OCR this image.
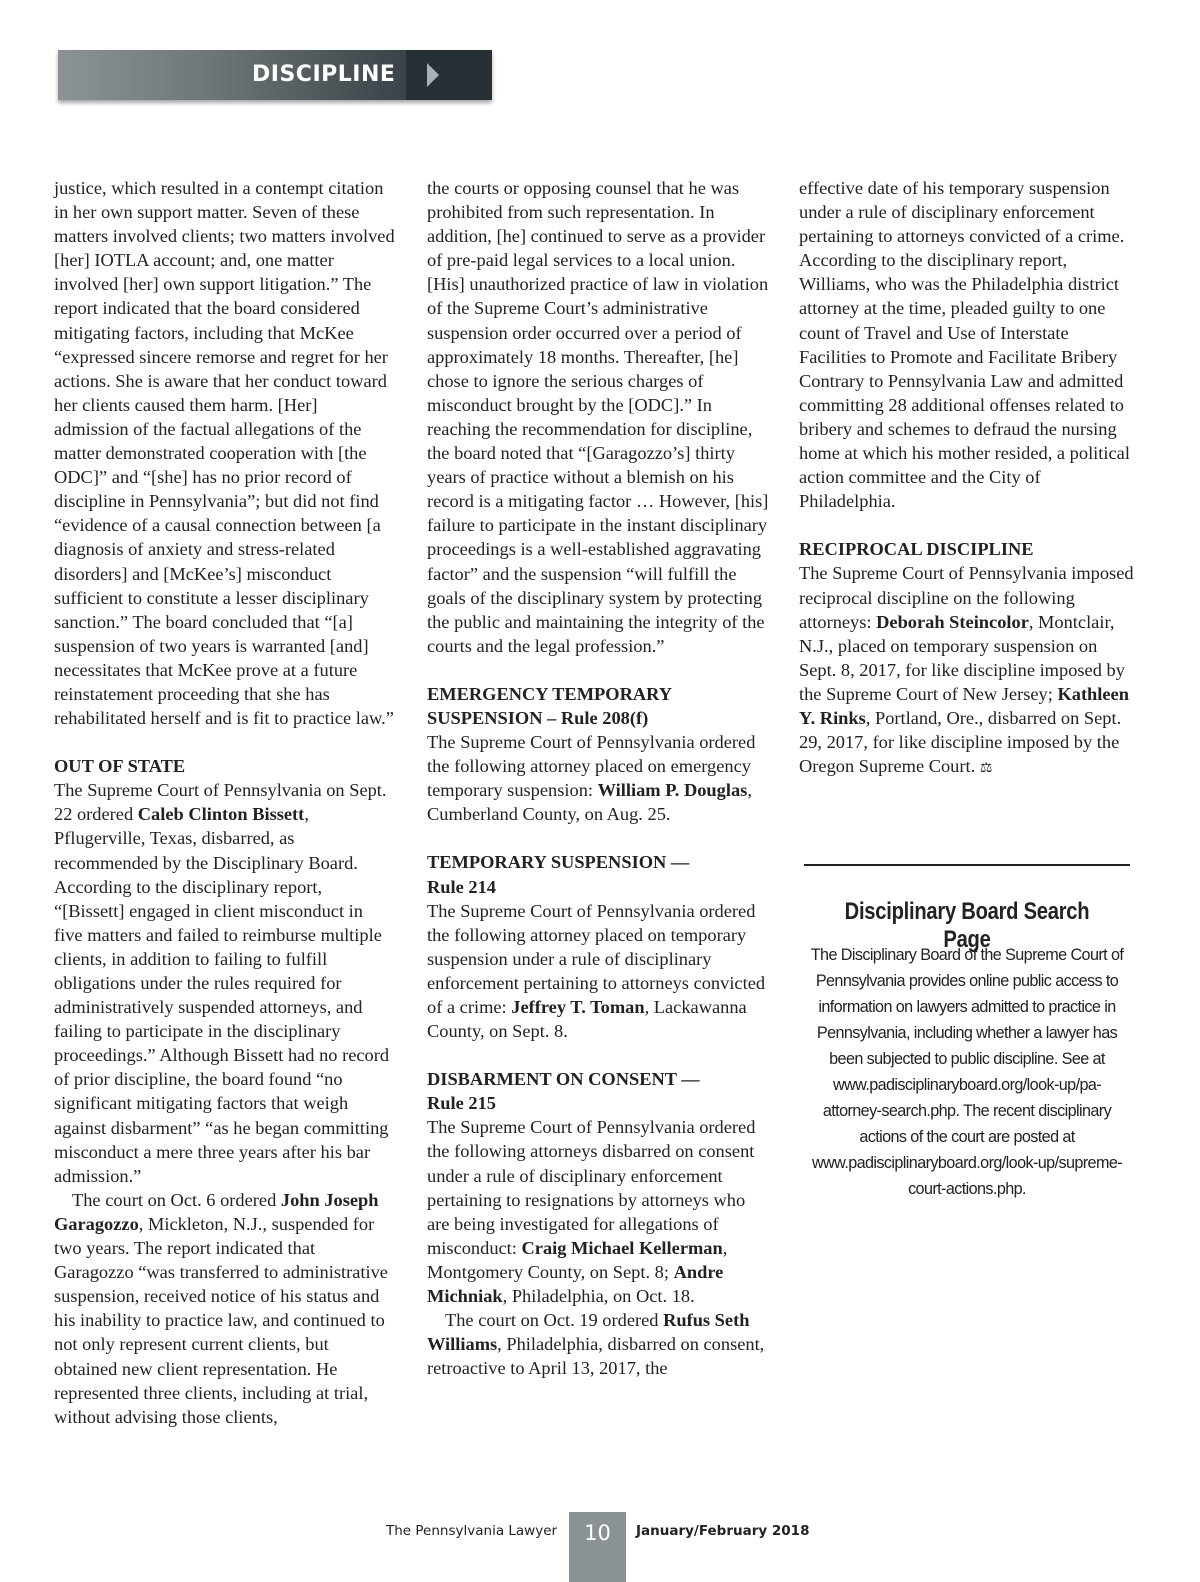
DISCIPLINE

justice, which resulted in a contempt citation in her own support matter. Seven of these matters involved clients; two matters involved [her] IOTLA account; and, one matter involved [her] own support litigation.” The report indicated that the board considered mitigating factors, including that McKee “expressed sincere remorse and regret for her actions. She is aware that her conduct toward her clients caused them harm. [Her] admission of the factual allegations of the matter demonstrated cooperation with [the ODC]” and “[she] has no prior record of discipline in Pennsylvania”; but did not find “evidence of a causal connection between [a diagnosis of anxiety and stress-related disorders] and [McKee’s] misconduct sufficient to constitute a lesser disciplinary sanction.” The board concluded that “[a] suspension of two years is warranted [and] necessitates that McKee prove at a future reinstatement proceeding that she has rehabilitated herself and is fit to practice law.”

OUT OF STATE

The Supreme Court of Pennsylvania on Sept. 22 ordered Caleb Clinton Bissett, Pflugerville, Texas, disbarred, as recommended by the Disciplinary Board. According to the disciplinary report, “[Bissett] engaged in client misconduct in five matters and failed to reimburse multiple clients, in addition to failing to fulfill obligations under the rules required for administratively suspended attorneys, and failing to participate in the disciplinary proceedings.” Although Bissett had no record of prior discipline, the board found “no significant mitigating factors that weigh against disbarment” “as he began committing misconduct a mere three years after his bar admission.”

The court on Oct. 6 ordered John Joseph Garagozzo, Mickleton, N.J., suspended for two years. The report indicated that Garagozzo “was transferred to administrative suspension, received notice of his status and his inability to practice law, and continued to not only represent current clients, but obtained new client representation. He represented three clients, including at trial, without advising those clients,

the courts or opposing counsel that he was prohibited from such representation. In addition, [he] continued to serve as a provider of pre-paid legal services to a local union. [His] unauthorized practice of law in violation of the Supreme Court’s administrative suspension order occurred over a period of approximately 18 months. Thereafter, [he] chose to ignore the serious charges of misconduct brought by the [ODC].” In reaching the recommendation for discipline, the board noted that “[Garagozzo’s] thirty years of practice without a blemish on his record is a mitigating factor … However, [his] failure to participate in the instant disciplinary proceedings is a well-established aggravating factor” and the suspension “will fulfill the goals of the disciplinary system by protecting the public and maintaining the integrity of the courts and the legal profession.”

EMERGENCY TEMPORARY
SUSPENSION – Rule 208(f)

The Supreme Court of Pennsylvania ordered the following attorney placed on emergency temporary suspension: William P. Douglas, Cumberland County, on Aug. 25.

TEMPORARY SUSPENSION —
Rule 214

The Supreme Court of Pennsylvania ordered the following attorney placed on temporary suspension under a rule of disciplinary enforcement pertaining to attorneys convicted of a crime: Jeffrey T. Toman, Lackawanna County, on Sept. 8.

DISBARMENT ON CONSENT —
Rule 215

The Supreme Court of Pennsylvania ordered the following attorneys disbarred on consent under a rule of disciplinary enforcement pertaining to resignations by attorneys who are being investigated for allegations of misconduct: Craig Michael Kellerman, Montgomery County, on Sept. 8; Andre Michniak, Philadelphia, on Oct. 18.

The court on Oct. 19 ordered Rufus Seth Williams, Philadelphia, disbarred on consent, retroactive to April 13, 2017, the

effective date of his temporary suspension under a rule of disciplinary enforcement pertaining to attorneys convicted of a crime. According to the disciplinary report, Williams, who was the Philadelphia district attorney at the time, pleaded guilty to one count of Travel and Use of Interstate Facilities to Promote and Facilitate Bribery Contrary to Pennsylvania Law and admitted committing 28 additional offenses related to bribery and schemes to defraud the nursing home at which his mother resided, a political action committee and the City of Philadelphia.

RECIPROCAL DISCIPLINE

The Supreme Court of Pennsylvania imposed reciprocal discipline on the following attorneys: Deborah Steincolor, Montclair, N.J., placed on temporary suspension on Sept. 8, 2017, for like discipline imposed by the Supreme Court of New Jersey; Kathleen Y. Rinks, Portland, Ore., disbarred on Sept. 29, 2017, for like discipline imposed by the Oregon Supreme Court. ⚖

Disciplinary Board Search Page
The Disciplinary Board of the Supreme Court of Pennsylvania provides online public access to information on lawyers admitted to practice in Pennsylvania, including whether a lawyer has been subjected to public discipline. See at www.padisciplinaryboard.org/look-up/pa-attorney-search.php. The recent disciplinary actions of the court are posted at www.padisciplinaryboard.org/look-up/supreme-court-actions.php.
The Pennsylvania Lawyer	10	January/February 2018
